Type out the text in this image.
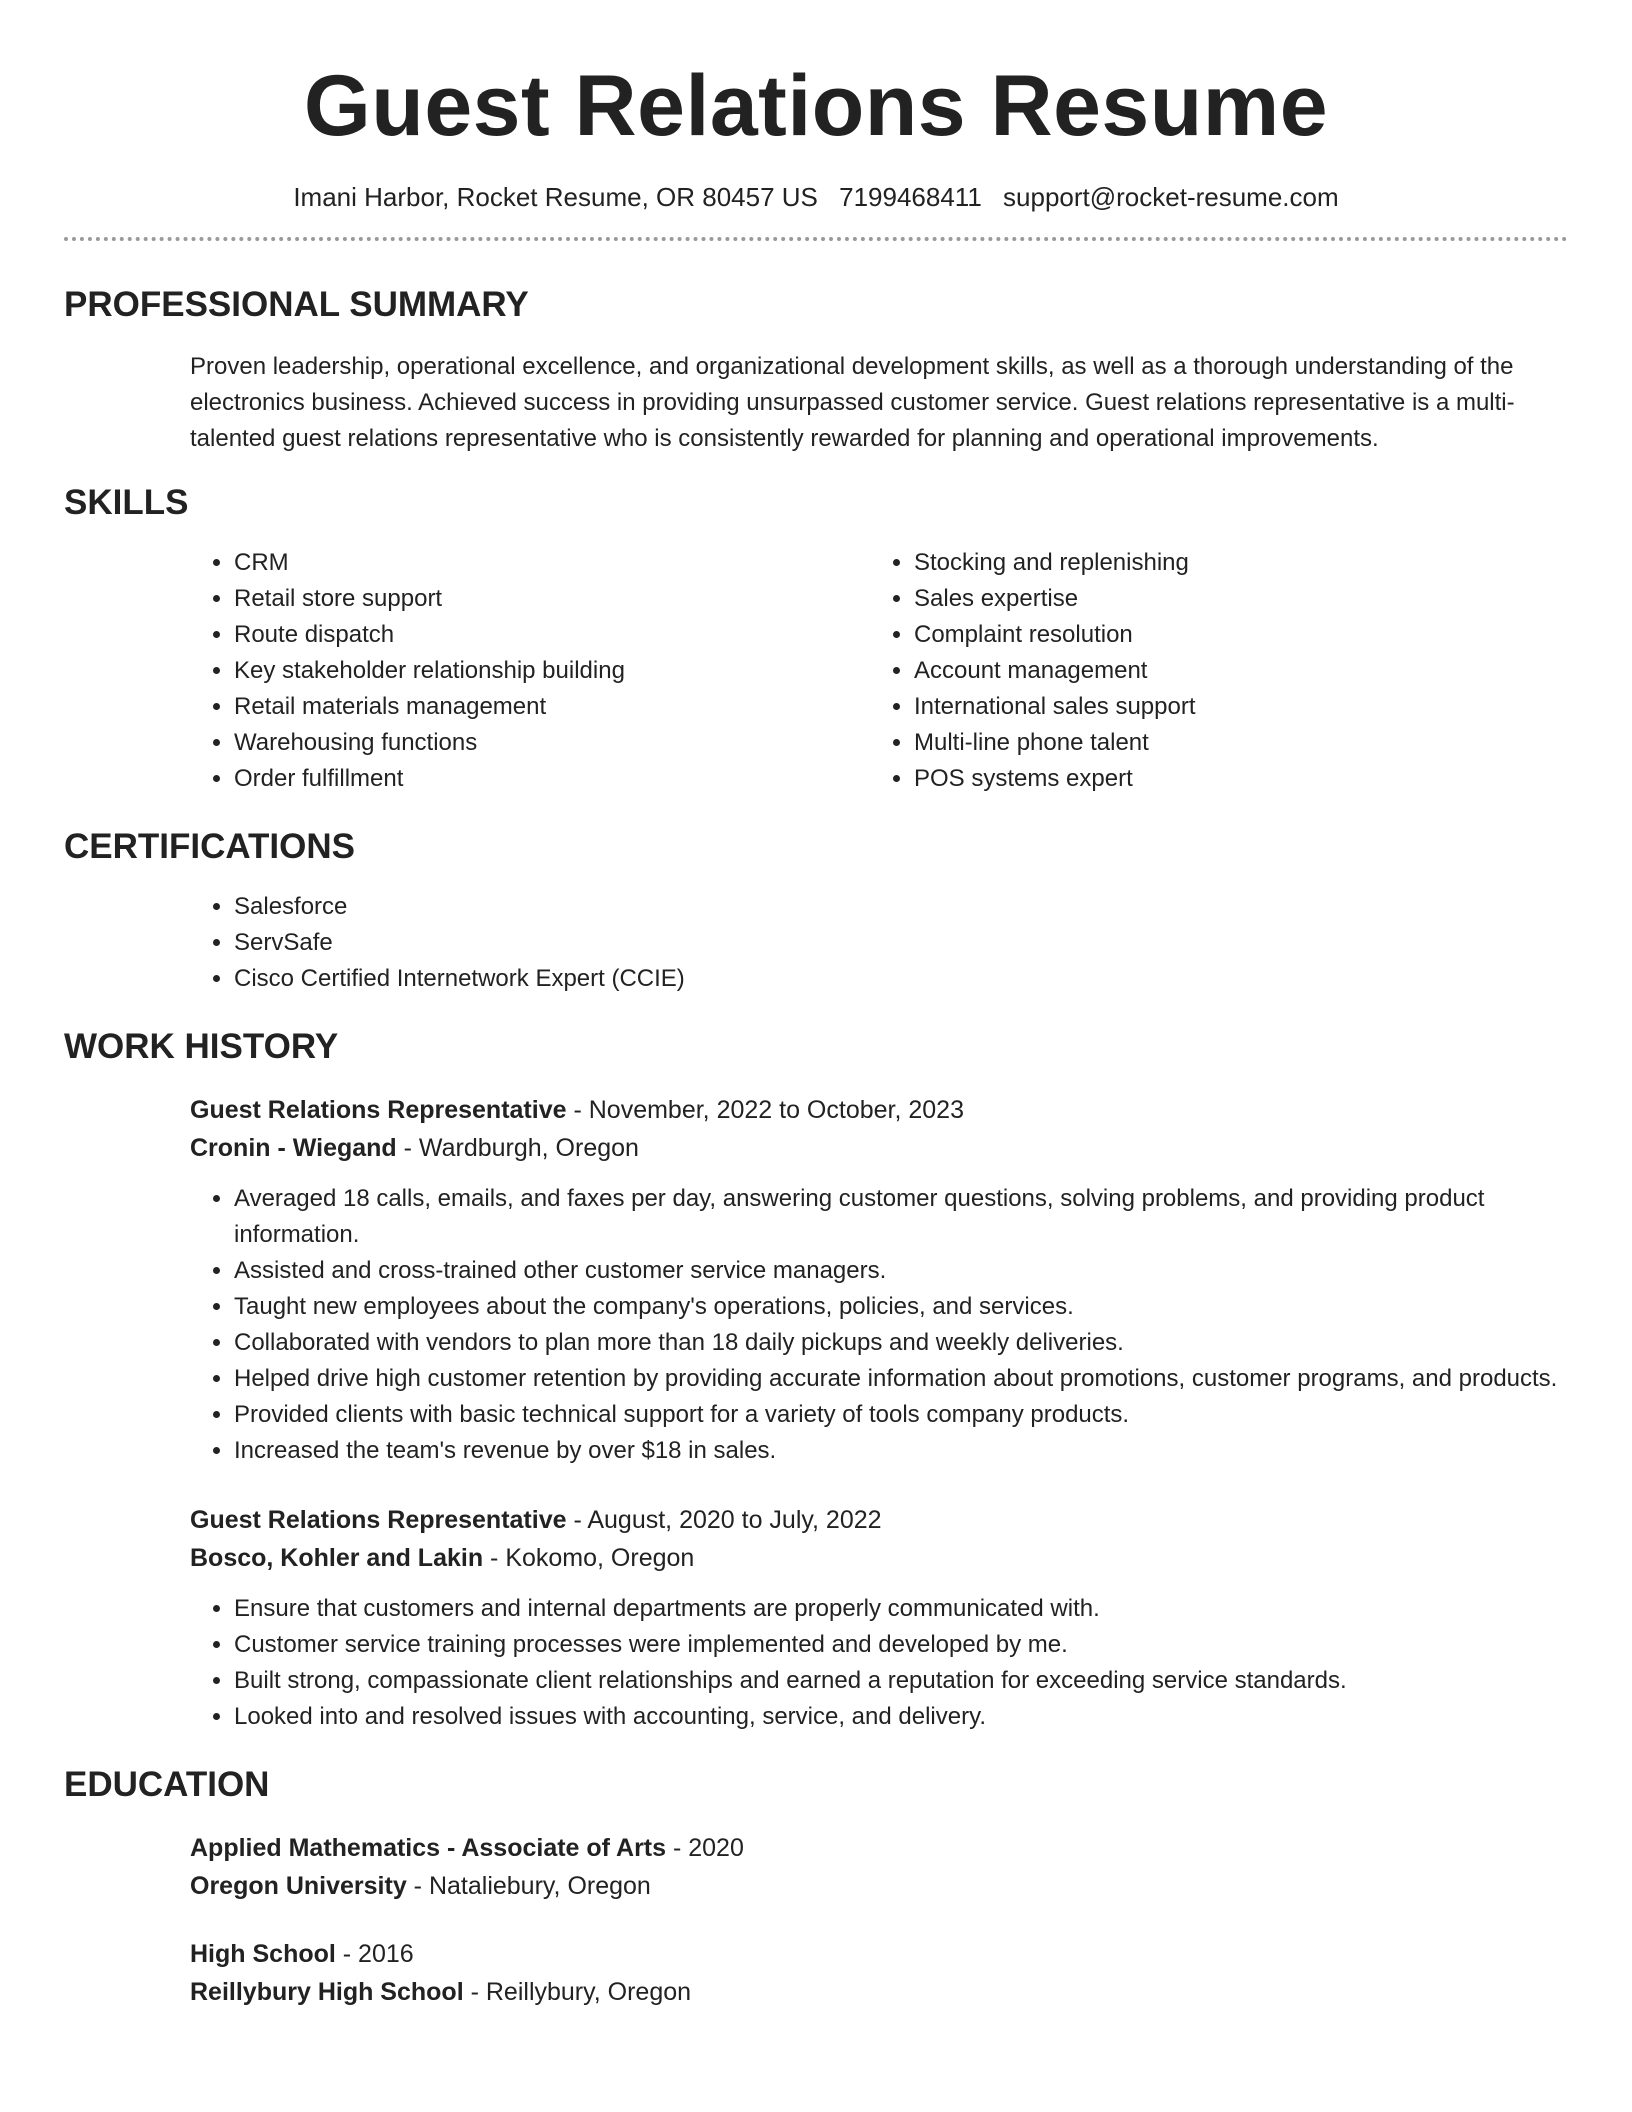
Guest Relations Resume
Imani Harbor, Rocket Resume, OR 80457 US 7199468411 support@rocket-resume.com
PROFESSIONAL SUMMARY

Proven leadership, operational excellence, and organizational development skills, as well as a thorough understanding of the electronics business. Achieved success in providing unsurpassed customer service. Guest relations representative is a multi-talented guest relations representative who is consistently rewarded for planning and operational improvements.

SKILLS
• CRM
• Retail store support
• Route dispatch
• Key stakeholder relationship building
• Retail materials management
• Warehousing functions
• Order fulfillment
• Stocking and replenishing
• Sales expertise
• Complaint resolution
• Account management
• International sales support
• Multi-line phone talent
• POS systems expert
CERTIFICATIONS
• Salesforce
• ServSafe
• Cisco Certified Internetwork Expert (CCIE)
WORK HISTORY
Guest Relations Representative - November, 2022 to October, 2023
Cronin - Wiegand - Wardburgh, Oregon
• Averaged 18 calls, emails, and faxes per day, answering customer questions, solving problems, and providing product information.
• Assisted and cross-trained other customer service managers.
• Taught new employees about the company's operations, policies, and services.
• Collaborated with vendors to plan more than 18 daily pickups and weekly deliveries.
• Helped drive high customer retention by providing accurate information about promotions, customer programs, and products.
• Provided clients with basic technical support for a variety of tools company products.
• Increased the team's revenue by over $18 in sales.
Guest Relations Representative - August, 2020 to July, 2022
Bosco, Kohler and Lakin - Kokomo, Oregon
• Ensure that customers and internal departments are properly communicated with.
• Customer service training processes were implemented and developed by me.
• Built strong, compassionate client relationships and earned a reputation for exceeding service standards.
• Looked into and resolved issues with accounting, service, and delivery.
EDUCATION
Applied Mathematics - Associate of Arts - 2020
Oregon University - Nataliebury, Oregon
High School - 2016
Reillybury High School - Reillybury, Oregon
